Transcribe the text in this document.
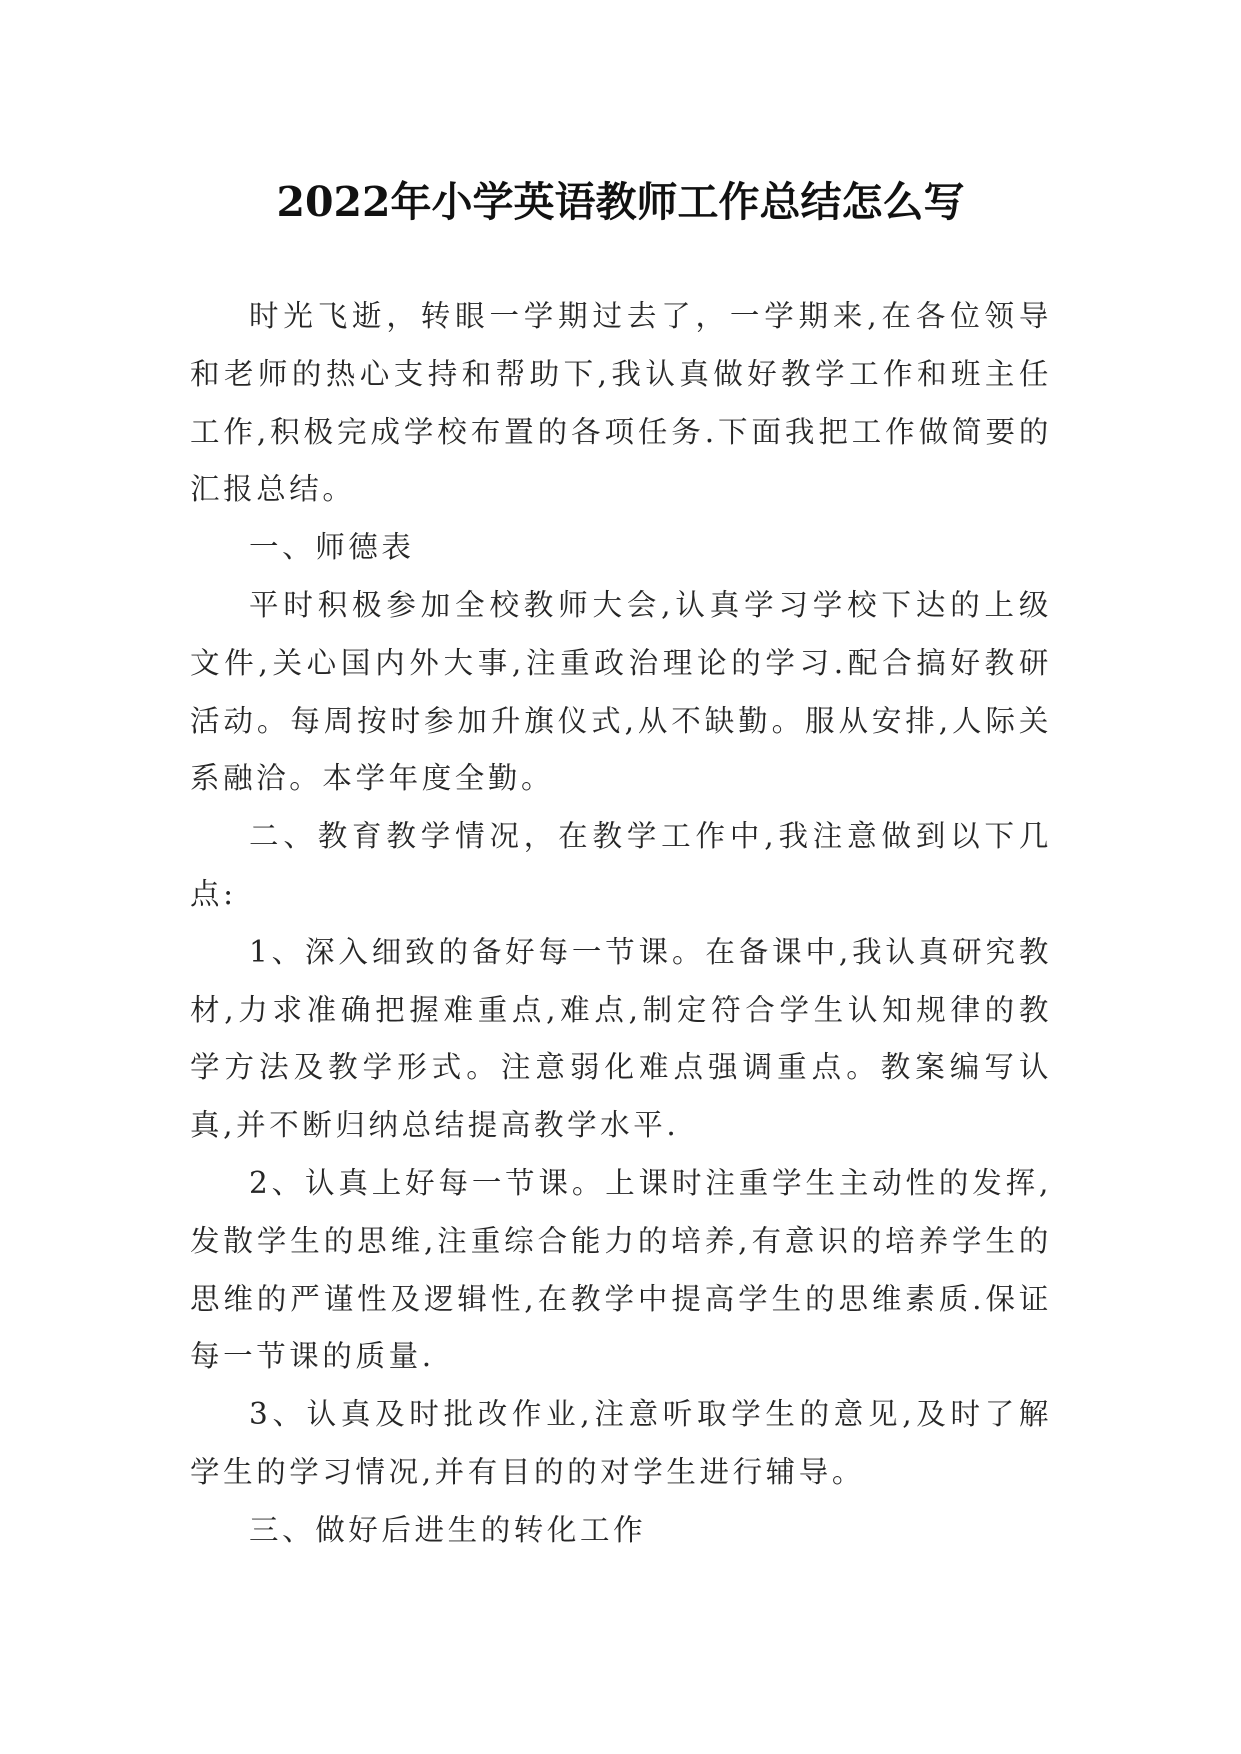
2022年小学英语教师工作总结怎么写

时光飞逝，转眼一学期过去了，一学期来,在各位领导和老师的热心支持和帮助下,我认真做好教学工作和班主任工作,积极完成学校布置的各项任务.下面我把工作做简要的汇报总结。

一、师德表

平时积极参加全校教师大会,认真学习学校下达的上级文件,关心国内外大事,注重政治理论的学习.配合搞好教研活动。每周按时参加升旗仪式,从不缺勤。服从安排,人际关系融洽。本学年度全勤。

二、教育教学情况，在教学工作中,我注意做到以下几点:

1、深入细致的备好每一节课。在备课中,我认真研究教材,力求准确把握难重点,难点,制定符合学生认知规律的教学方法及教学形式。注意弱化难点强调重点。教案编写认真,并不断归纳总结提高教学水平.

2、认真上好每一节课。上课时注重学生主动性的发挥,发散学生的思维,注重综合能力的培养,有意识的培养学生的思维的严谨性及逻辑性,在教学中提高学生的思维素质.保证每一节课的质量.

3、认真及时批改作业,注意听取学生的意见,及时了解学生的学习情况,并有目的的对学生进行辅导。

三、做好后进生的转化工作
